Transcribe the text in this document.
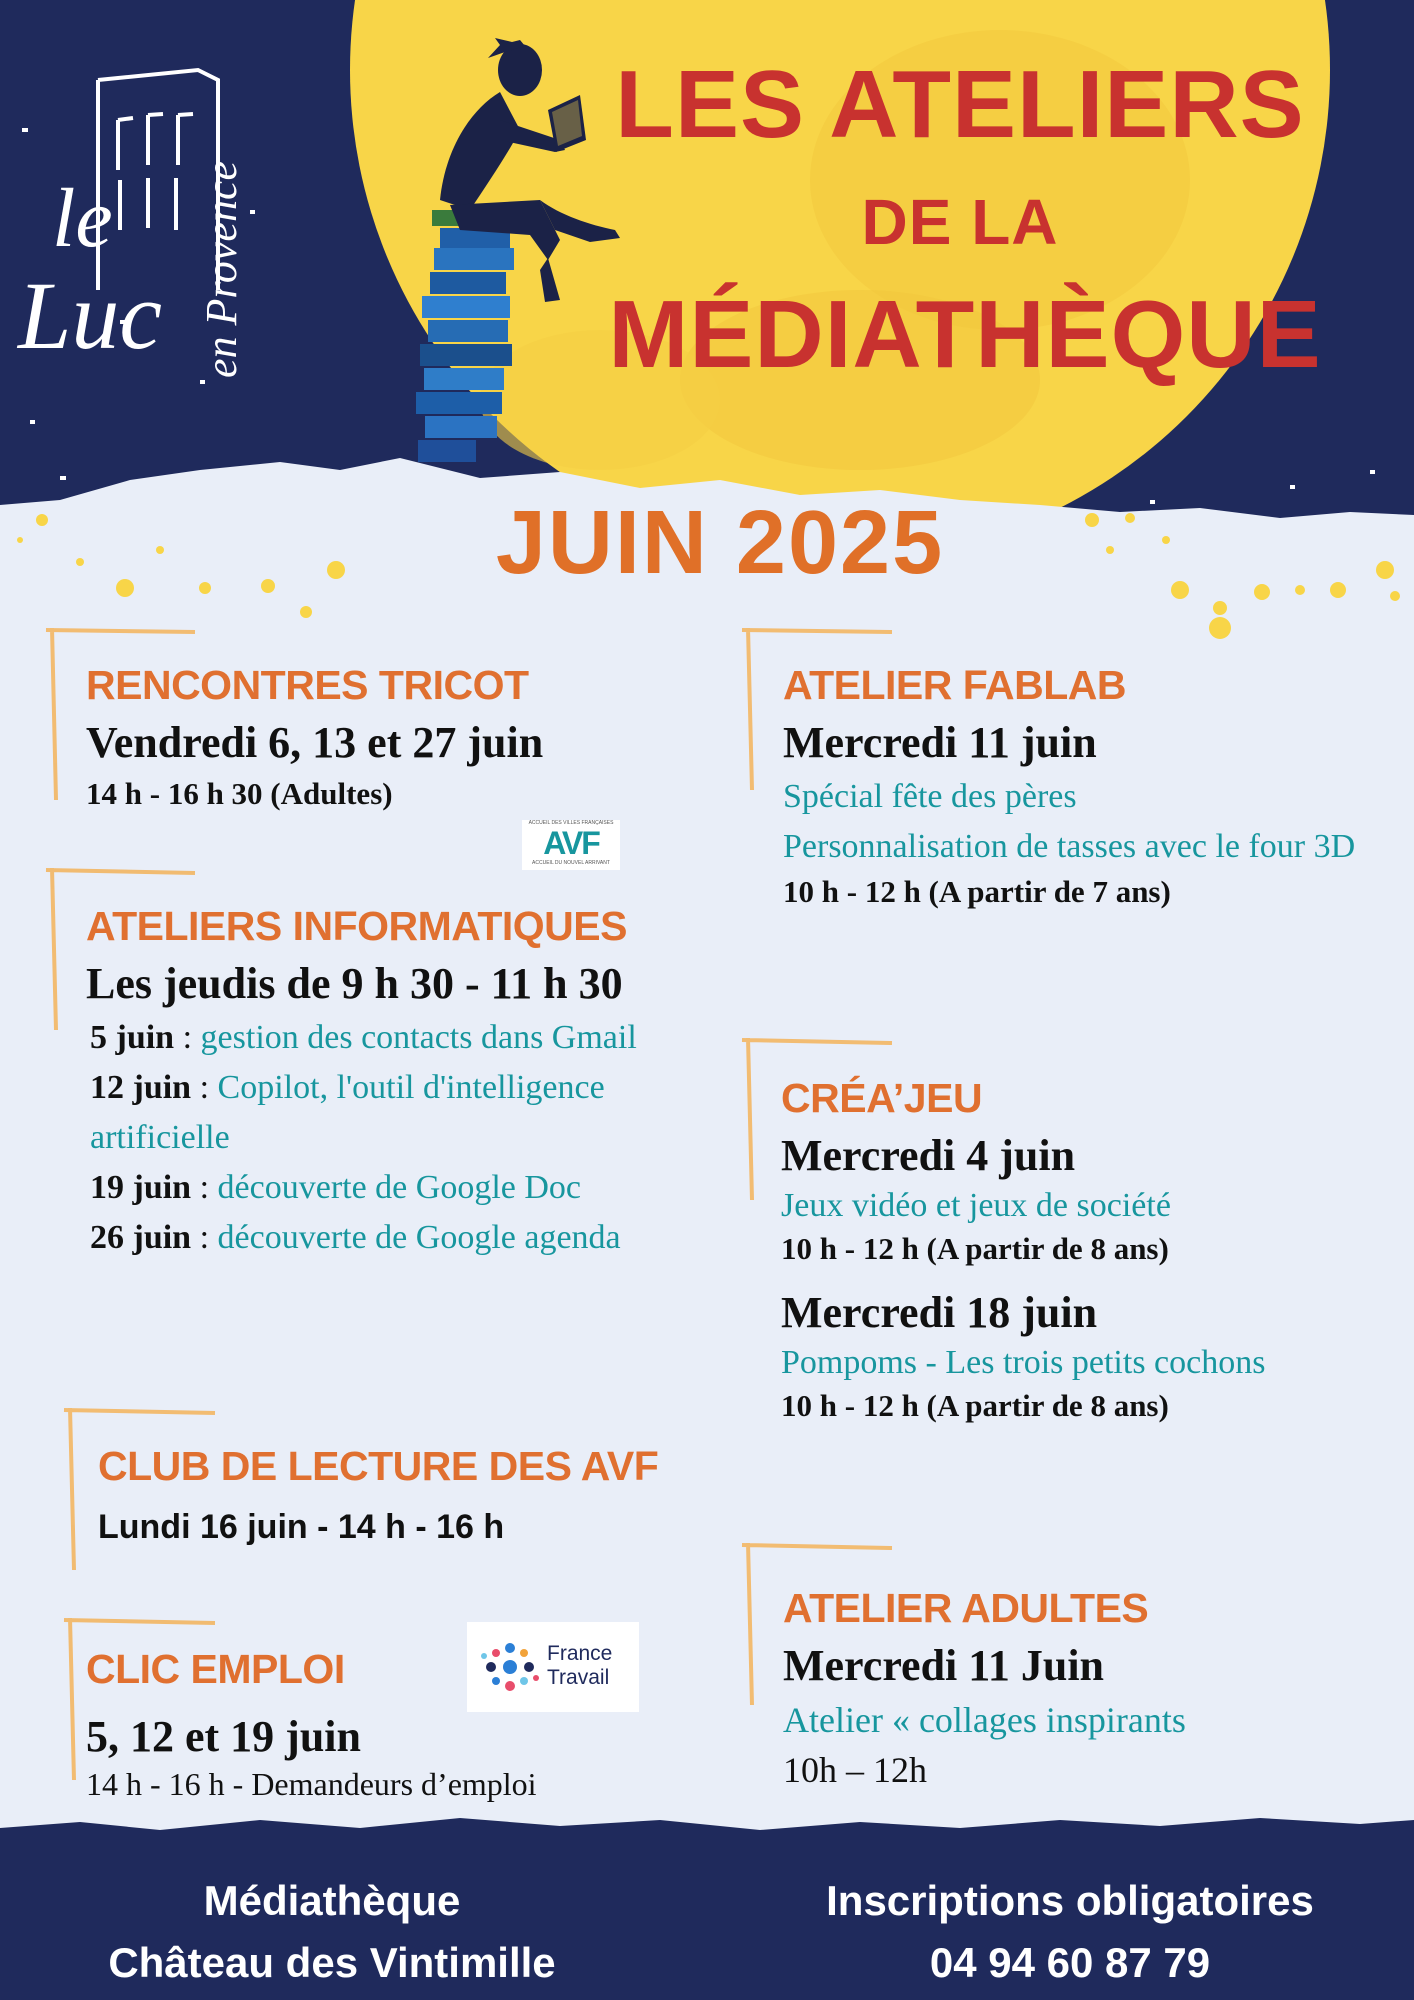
le
Luc en Provence
LES ATELIERS
DE LA
MÉDIATHÈQUE
JUIN 2025
RENCONTRES TRICOT
Vendredi 6, 13 et 27 juin
14 h - 16 h 30 (Adultes)
ACCUEIL DES VILLES FRANÇAISES
AVF
ACCUEIL DU NOUVEL ARRIVANT
ATELIERS INFORMATIQUES
Les jeudis de 9 h 30 - 11 h 30
5 juin : gestion des contacts dans Gmail
12 juin : Copilot, l'outil d'intelligence artificielle
19 juin : découverte de Google Doc
26 juin : découverte de Google agenda
CLUB DE LECTURE DES AVF
Lundi 16 juin - 14 h - 16 h
CLIC EMPLOI
5, 12 et 19 juin
14 h - 16 h - Demandeurs d’emploi
France
Travail
ATELIER FABLAB
Mercredi 11 juin
Spécial fête des pères
Personnalisation de tasses avec le four 3D
10 h - 12 h (A partir de 7 ans)
CRÉA’JEU
Mercredi 4 juin
Jeux vidéo et jeux de société
10 h - 12 h (A partir de 8 ans)
Mercredi 18 juin
Pompoms - Les trois petits cochons
10 h - 12 h (A partir de 8 ans)
ATELIER ADULTES
Mercredi 11 Juin
Atelier « collages inspirants
10h – 12h
Médiathèque
Château des Vintimille
Inscriptions obligatoires
04 94 60 87 79
